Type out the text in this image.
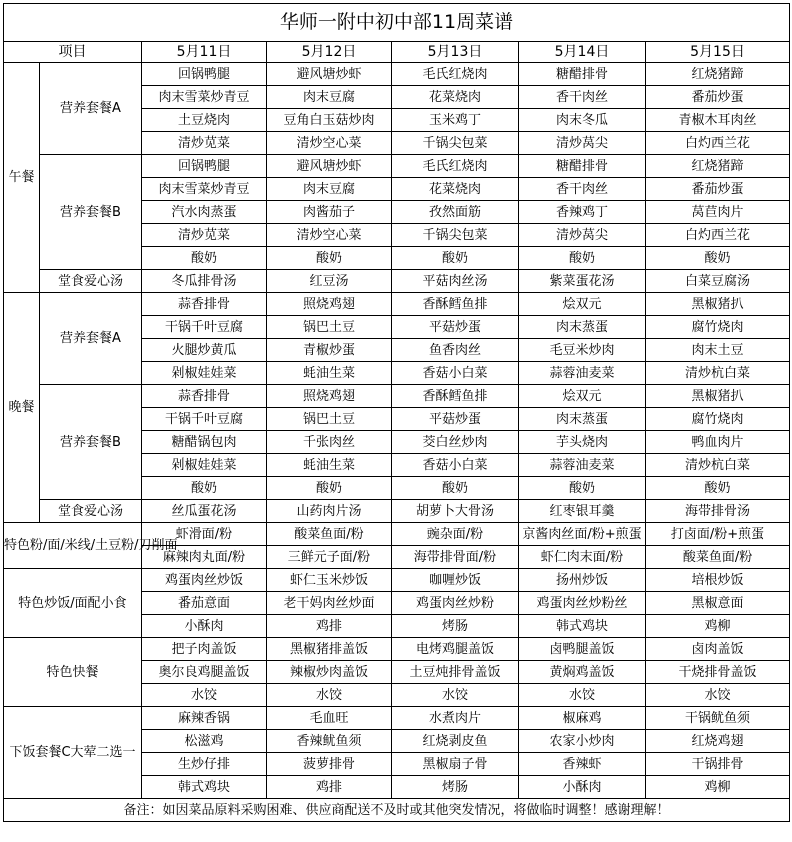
华师一附中初中部11周菜谱						
项目		5月11日	5月12日	5月13日	5月14日	5月15日
午餐	营养套餐A	回锅鸭腿	避风塘炒虾	毛氏红烧肉	糖醋排骨	红烧猪蹄
		肉末雪菜炒青豆	肉末豆腐	花菜烧肉	香干肉丝	番茄炒蛋
		土豆烧肉	豆角白玉菇炒肉	玉米鸡丁	肉末冬瓜	青椒木耳肉丝
		清炒苋菜	清炒空心菜	千锅尖包菜	清炒莴尖	白灼西兰花
	营养套餐B	回锅鸭腿	避风塘炒虾	毛氏红烧肉	糖醋排骨	红烧猪蹄
		肉末雪菜炒青豆	肉末豆腐	花菜烧肉	香干肉丝	番茄炒蛋
		汽水肉蒸蛋	肉酱茄子	孜然面筋	香辣鸡丁	莴苣肉片
		清炒苋菜	清炒空心菜	千锅尖包菜	清炒莴尖	白灼西兰花
		酸奶	酸奶	酸奶	酸奶	酸奶
	堂食爱心汤	冬瓜排骨汤	红豆汤	平菇肉丝汤	紫菜蛋花汤	白菜豆腐汤
晚餐	营养套餐A	蒜香排骨	照烧鸡翅	香酥鳕鱼排	烩双元	黑椒猪扒
		干锅千叶豆腐	锅巴土豆	平菇炒蛋	肉末蒸蛋	腐竹烧肉
		火腿炒黄瓜	青椒炒蛋	鱼香肉丝	毛豆米炒肉	肉末土豆
		剁椒娃娃菜	蚝油生菜	香菇小白菜	蒜蓉油麦菜	清炒杭白菜
	营养套餐B	蒜香排骨	照烧鸡翅	香酥鳕鱼排	烩双元	黑椒猪扒
		干锅千叶豆腐	锅巴土豆	平菇炒蛋	肉末蒸蛋	腐竹烧肉
		糖醋锅包肉	千张肉丝	茭白丝炒肉	芋头烧肉	鸭血肉片
		剁椒娃娃菜	蚝油生菜	香菇小白菜	蒜蓉油麦菜	清炒杭白菜
		酸奶	酸奶	酸奶	酸奶	酸奶
	堂食爱心汤	丝瓜蛋花汤	山药肉片汤	胡萝卜大骨汤	红枣银耳羹	海带排骨汤
特色粉/面/米线/土豆粉/刀削面		虾滑面/粉	酸菜鱼面/粉	豌杂面/粉	京酱肉丝面/粉+煎蛋	打卤面/粉+煎蛋
		麻辣肉丸面/粉	三鲜元子面/粉	海带排骨面/粉	虾仁肉末面/粉	酸菜鱼面/粉
特色炒饭/面配小食		鸡蛋肉丝炒饭	虾仁玉米炒饭	咖喱炒饭	扬州炒饭	培根炒饭
		番茄意面	老干妈肉丝炒面	鸡蛋肉丝炒粉	鸡蛋肉丝炒粉丝	黑椒意面
		小酥肉	鸡排	烤肠	韩式鸡块	鸡柳
特色快餐		把子肉盖饭	黑椒猪排盖饭	电烤鸡腿盖饭	卤鸭腿盖饭	卤肉盖饭
		奥尔良鸡腿盖饭	辣椒炒肉盖饭	土豆炖排骨盖饭	黄焖鸡盖饭	干烧排骨盖饭
		水饺	水饺	水饺	水饺	水饺
下饭套餐C大荤二选一		麻辣香锅	毛血旺	水煮肉片	椒麻鸡	干锅鱿鱼须
		松滋鸡	香辣鱿鱼须	红烧剥皮鱼	农家小炒肉	红烧鸡翅
		生炒仔排	菠萝排骨	黑椒扇子骨	香辣虾	干锅排骨
		韩式鸡块	鸡排	烤肠	小酥肉	鸡柳
备注：如因菜品原料采购困难、供应商配送不及时或其他突发情况，将做临时调整！感谢理解！						
